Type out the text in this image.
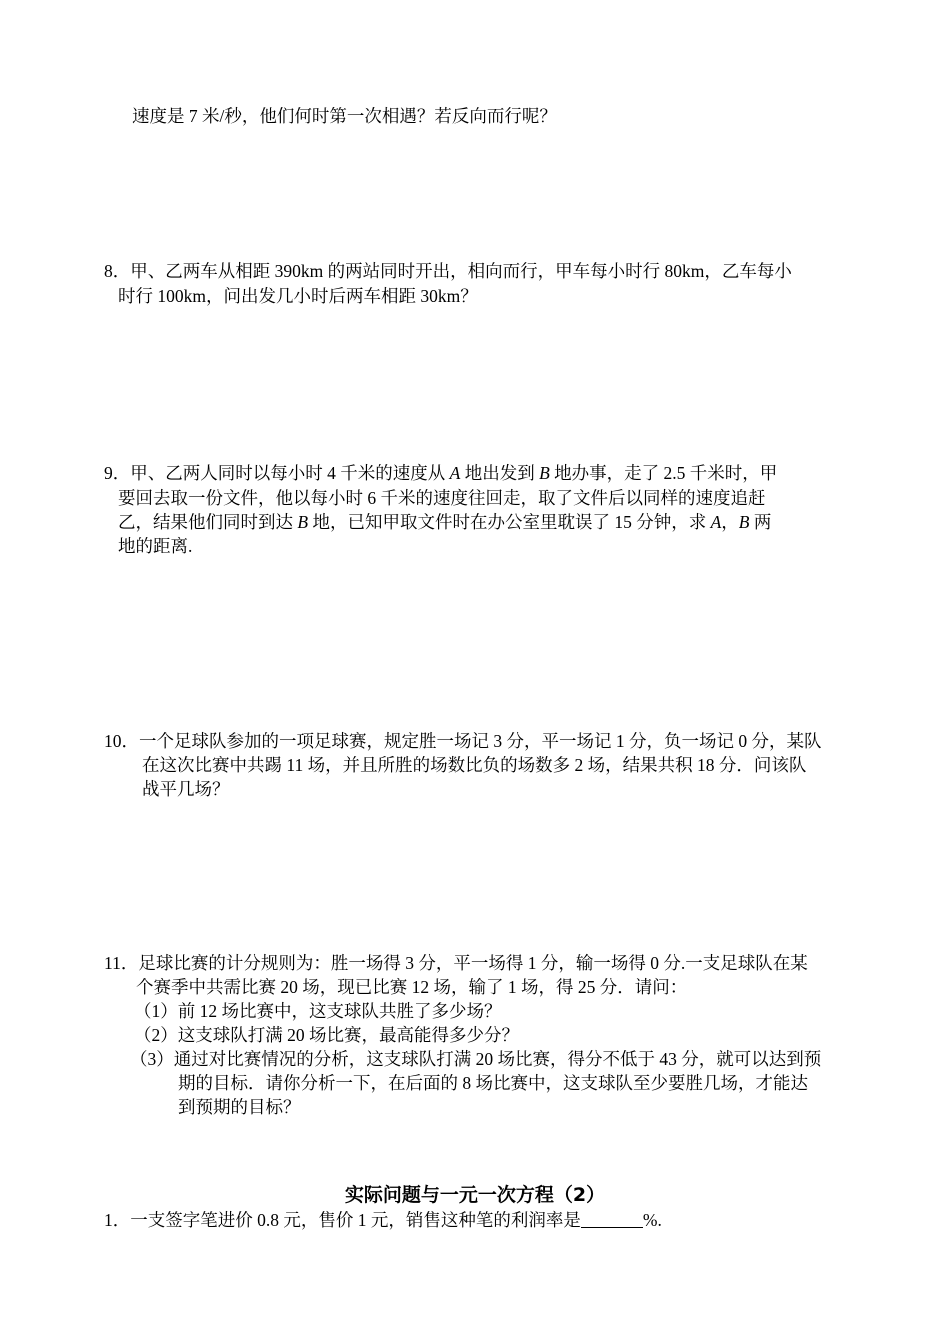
速度是 7 米/秒，他们何时第一次相遇？若反向而行呢？
8．甲、乙两车从相距 390km 的两站同时开出，相向而行，甲车每小时行 80km，乙车每小
时行 100km，问出发几小时后两车相距 30km？
9．甲、乙两人同时以每小时 4 千米的速度从 A 地出发到 B 地办事，走了 2.5 千米时，甲
要回去取一份文件，他以每小时 6 千米的速度往回走，取了文件后以同样的速度追赶
乙，结果他们同时到达 B 地，已知甲取文件时在办公室里耽误了 15 分钟，求 A，B 两
地的距离.
10．一个足球队参加的一项足球赛，规定胜一场记 3 分，平一场记 1 分，负一场记 0 分，某队
在这次比赛中共踢 11 场，并且所胜的场数比负的场数多 2 场，结果共积 18 分．问该队
战平几场？
11．足球比赛的计分规则为：胜一场得 3 分，平一场得 1 分，输一场得 0 分.一支足球队在某
个赛季中共需比赛 20 场，现已比赛 12 场，输了 1 场，得 25 分．请问：
（1）前 12 场比赛中，这支球队共胜了多少场？
（2）这支球队打满 20 场比赛，最高能得多少分？
（3）通过对比赛情况的分析，这支球队打满 20 场比赛，得分不低于 43 分，就可以达到预
期的目标．请你分析一下，在后面的 8 场比赛中，这支球队至少要胜几场，才能达
到预期的目标？
实际问题与一元一次方程（2）
1．一支签字笔进价 0.8 元，售价 1 元，销售这种笔的利润率是	%.
